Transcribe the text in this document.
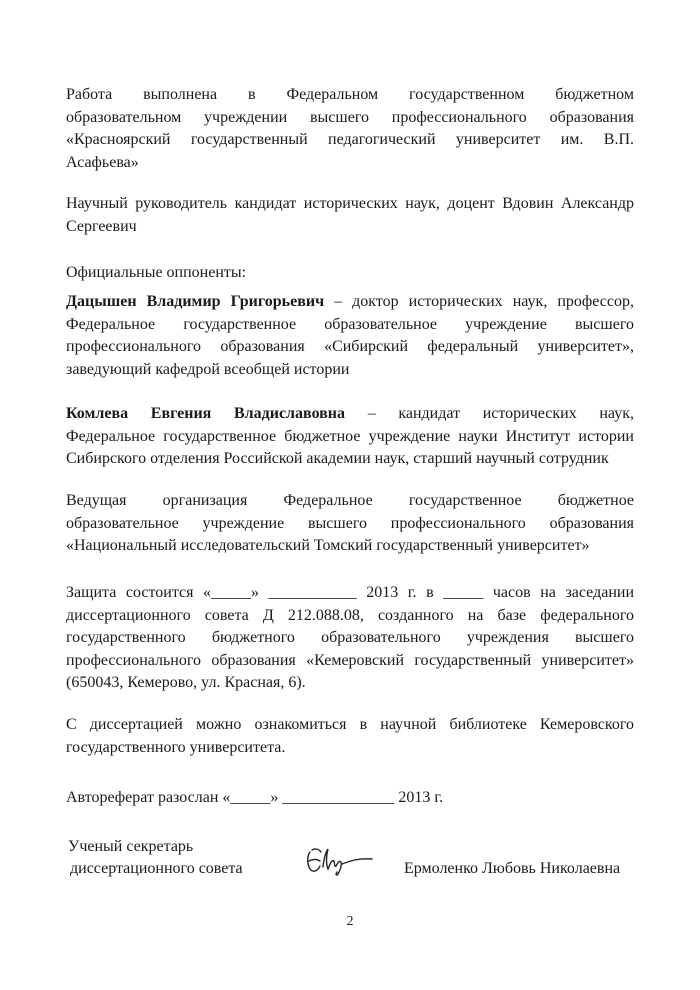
Работа выполнена в Федеральном государственном бюджетном
образовательном учреждении высшего профессионального образования
«Красноярский государственный педагогический университет им. В.П.
Асафьева»
Научный руководитель кандидат исторических наук, доцент Вдовин Александр
Сергеевич
Официальные оппоненты:
Дацышен Владимир Григорьевич – доктор исторических наук, профессор,
Федеральное государственное образовательное учреждение высшего
профессионального образования «Сибирский федеральный университет»,
заведующий кафедрой всеобщей истории
Комлева Евгения Владиславовна – кандидат исторических наук,
Федеральное государственное бюджетное учреждение науки Институт истории
Сибирского отделения Российской академии наук, старший научный сотрудник
Ведущая организация Федеральное государственное бюджетное
образовательное учреждение высшего профессионального образования
«Национальный исследовательский Томский государственный университет»
Защита состоится «_____» ___________ 2013 г. в _____ часов на заседании
диссертационного совета Д 212.088.08, созданного на базе федерального
государственного бюджетного образовательного учреждения высшего
профессионального образования «Кемеровский государственный университет»
(650043, Кемерово, ул. Красная, 6).
С диссертацией можно ознакомиться в научной библиотеке Кемеровского
государственного университета.
Автореферат разослан «_____» ______________ 2013 г.
Ученый секретарь
диссертационного совета	Ермоленко Любовь Николаевна
2
